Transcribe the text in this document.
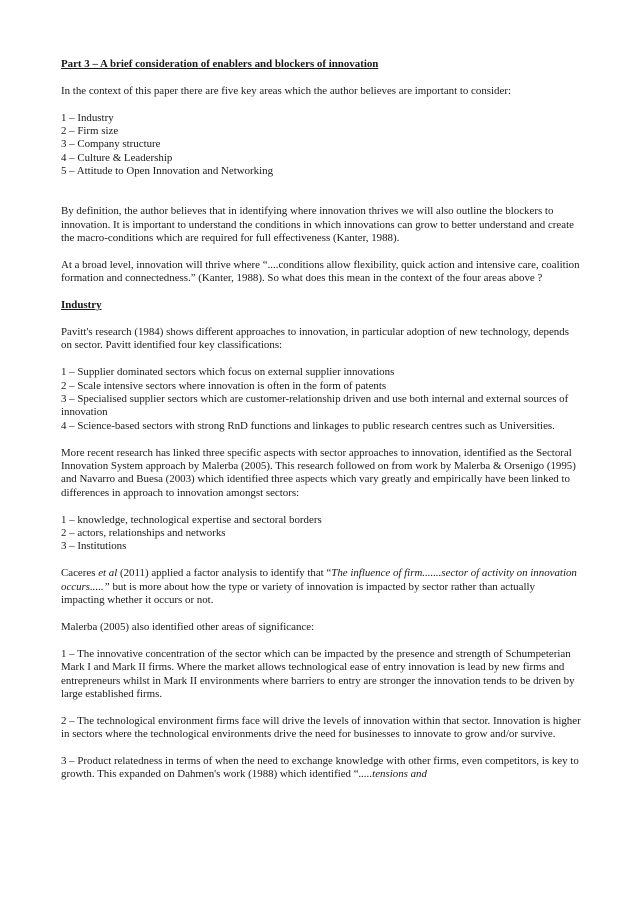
Part 3 – A brief consideration of enablers and blockers of innovation

In the context of this paper there are five key areas which the author believes are important to consider:

1 – Industry

2 – Firm size

3 – Company structure

4 – Culture & Leadership

5 – Attitude to Open Innovation and Networking

By definition, the author believes that in identifying where innovation thrives we will also outline the blockers to innovation. It is important to understand the conditions in which innovations can grow to better understand and create the macro-conditions which are required for full effectiveness (Kanter, 1988).

At a broad level, innovation will thrive where “....conditions allow flexibility, quick action and intensive care, coalition formation and connectedness.” (Kanter, 1988). So what does this mean in the context of the four areas above ?

Industry

Pavitt's research (1984) shows different approaches to innovation, in particular adoption of new technology, depends on sector. Pavitt identified four key classifications:

1 – Supplier dominated sectors which focus on external supplier innovations

2 – Scale intensive sectors where innovation is often in the form of patents

3 – Specialised supplier sectors which are customer-relationship driven and use both internal and external sources of innovation

4 – Science-based sectors with strong RnD functions and linkages to public research centres such as Universities.

More recent research has linked three specific aspects with sector approaches to innovation, identified as the Sectoral Innovation System approach by Malerba (2005). This research followed on from work by Malerba & Orsenigo (1995) and Navarro and Buesa (2003) which identified three aspects which vary greatly and empirically have been linked to differences in approach to innovation amongst sectors:

1 – knowledge, technological expertise and sectoral borders

2 – actors, relationships and networks

3 – Institutions

Caceres et al (2011) applied a factor analysis to identify that “The influence of firm.......sector of activity on innovation occurs.....” but is more about how the type or variety of innovation is impacted by sector rather than actually impacting whether it occurs or not.

Malerba (2005) also identified other areas of significance:

1 – The innovative concentration of the sector which can be impacted by the presence and strength of Schumpeterian Mark I and Mark II firms. Where the market allows technological ease of entry innovation is lead by new firms and entrepreneurs whilst in Mark II environments where barriers to entry are stronger the innovation tends to be driven by large established firms.

2 – The technological environment firms face will drive the levels of innovation within that sector. Innovation is higher in sectors where the technological environments drive the need for businesses to innovate to grow and/or survive.

3 – Product relatedness in terms of when the need to exchange knowledge with other firms, even competitors, is key to growth. This expanded on Dahmen's work (1988) which identified “.....tensions and
